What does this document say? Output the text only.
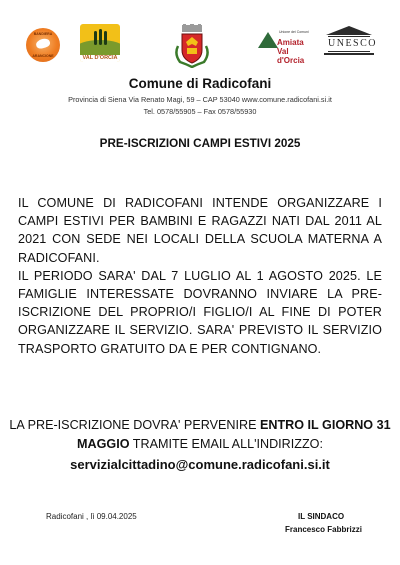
BANDIERA
ARANCIONE	VAL D'ORCIA
Unione dei Comuni
Amiata
Val d'Orcia
UNESCO
Comune di Radicofani
Provincia di Siena Via Renato Magi, 59 – CAP 53040 www.comune.radicofani.si.it
Tel. 0578/55905 – Fax 0578/55930
PRE-ISCRIZIONI CAMPI ESTIVI 2025

IL COMUNE DI RADICOFANI INTENDE ORGANIZZARE I CAMPI ESTIVI PER BAMBINI E RAGAZZI NATI DAL 2011 AL 2021 CON SEDE NEI LOCALI DELLA SCUOLA MATERNA A RADICOFANI.

IL PERIODO SARA' DAL 7 LUGLIO AL 1 AGOSTO 2025. LE FAMIGLIE INTERESSATE DOVRANNO INVIARE LA PRE-ISCRIZIONE DEL PROPRIO/I FIGLIO/I AL FINE DI POTER ORGANIZZARE IL SERVIZIO. SARA' PREVISTO IL SERVIZIO TRASPORTO GRATUITO DA E PER CONTIGNANO.

LA PRE-ISCRIZIONE DOVRA' PERVENIRE ENTRO IL GIORNO 31 MAGGIO TRAMITE EMAIL ALL'INDIRIZZO:
servizialcittadino@comune.radicofani.si.it
Radicofani , lì 09.04.2025	IL SINDACO
Francesco Fabbrizzi
